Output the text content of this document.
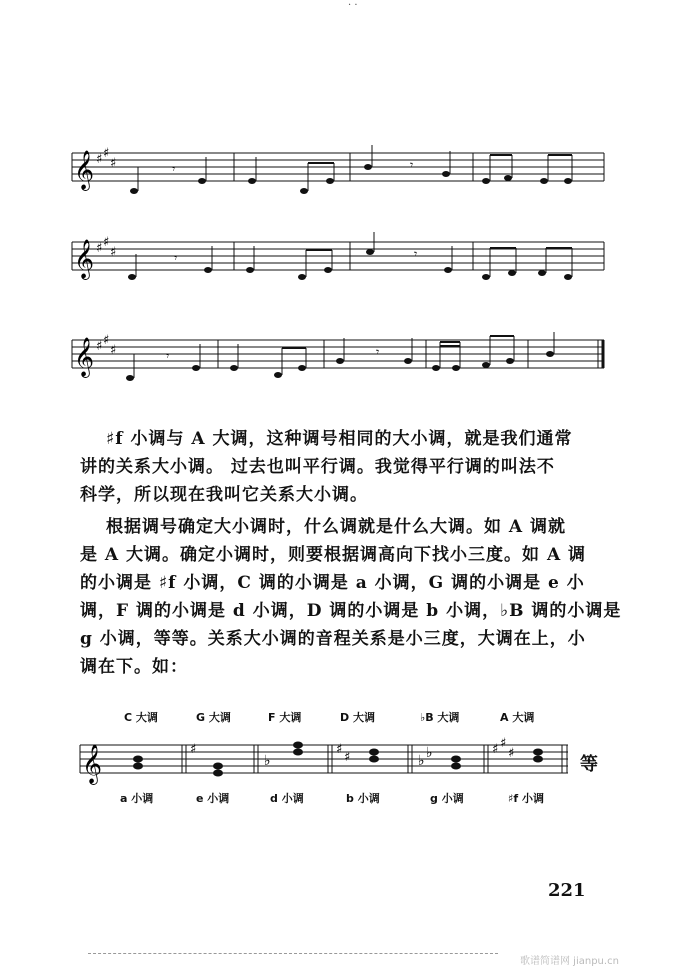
· ·
𝄞 ♯ ♯
♯	𝄾	𝄾
𝄞 ♯ ♯
♯	𝄾	𝄾
𝄞 ♯ ♯
♯	𝄾	𝄾
♯f 小调与 A 大调，这种调号相同的大小调，就是我们通常
讲的关系大小调。 过去也叫平行调。我觉得平行调的叫法不
科学，所以现在我叫它关系大小调。
根据调号确定大小调时，什么调就是什么大调。如 A 调就
是 A 大调。确定小调时，则要根据调高向下找小三度。如 A 调
的小调是 ♯f 小调，C 调的小调是 a 小调，G 调的小调是 e 小
调，F 调的小调是 d 小调，D 调的小调是 b 小调，♭B 调的小调是
g 小调，等等。关系大小调的音程关系是小三度，大调在上，小
调在下。如：
C 大调	G 大调	F 大调	D 大调	♭B 大调	A 大调
𝄞	♯
♭
♯
♯	♭ ♭	♯ ♯
♯
等
a 小调	e 小调	d 小调	b 小调	g 小调	♯f 小调
221
歌谱简谱网 jianpu.cn
